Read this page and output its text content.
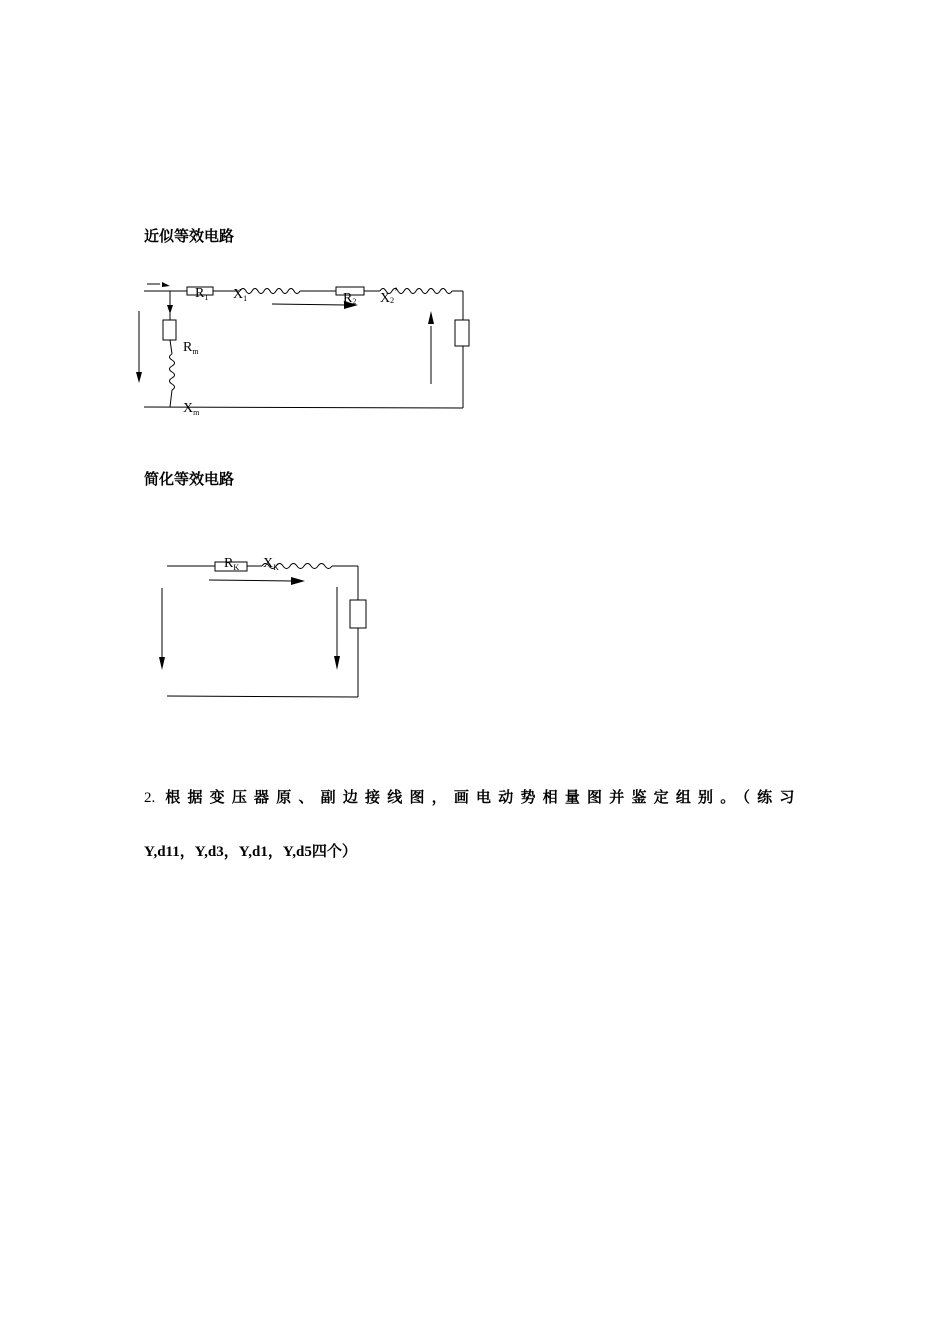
近似等效电路
$R_1$ $X_1$	R2 X2’
$R_m$
$X_m$
简化等效电路
$R_K$ $X_K$
2. 根据变压器原、副边接线图，画电动势相量图并鉴定组别。（练习
Y,d11，Y,d3，Y,d1，Y,d5四个）
